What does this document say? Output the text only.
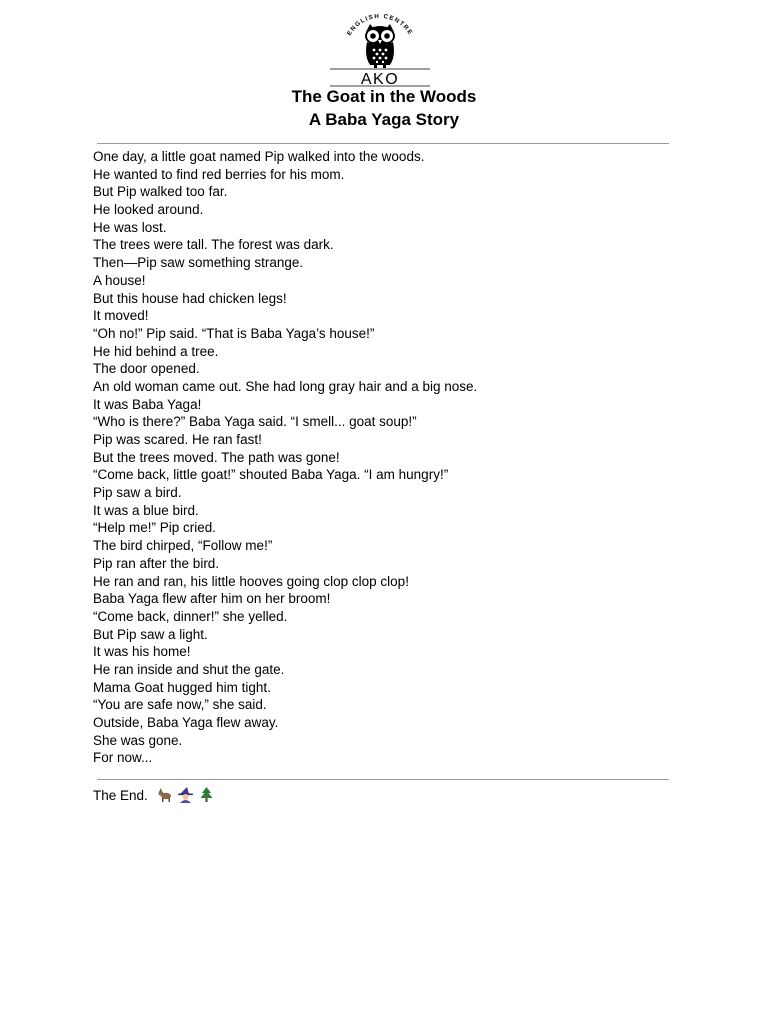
ENGLISH CENTRE
AKO
The Goat in the Woods
A Baba Yaga Story
One day, a little goat named Pip walked into the woods.
He wanted to find red berries for his mom.
But Pip walked too far.
He looked around.
He was lost.
The trees were tall. The forest was dark.
Then—Pip saw something strange.
A house!
But this house had chicken legs!
It moved!
“Oh no!” Pip said. “That is Baba Yaga’s house!”
He hid behind a tree.
The door opened.
An old woman came out. She had long gray hair and a big nose.
It was Baba Yaga!
“Who is there?” Baba Yaga said. “I smell... goat soup!”
Pip was scared. He ran fast!
But the trees moved. The path was gone!
“Come back, little goat!” shouted Baba Yaga. “I am hungry!”
Pip saw a bird.
It was a blue bird.
“Help me!” Pip cried.
The bird chirped, “Follow me!”
Pip ran after the bird.
He ran and ran, his little hooves going clop clop clop!
Baba Yaga flew after him on her broom!
“Come back, dinner!” she yelled.
But Pip saw a light.
It was his home!
He ran inside and shut the gate.
Mama Goat hugged him tight.
“You are safe now,” she said.
Outside, Baba Yaga flew away.
She was gone.
For now...
The End.
